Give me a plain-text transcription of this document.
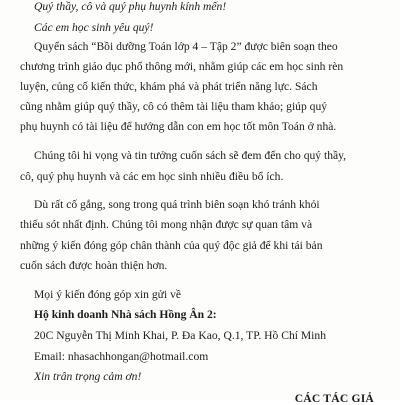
Quý thầy, cô và quý phụ huynh kính mến!
Các em học sinh yêu quý!
Quyển sách “Bồi dưỡng Toán lớp 4 – Tập 2” được biên soạn theo
chương trình giáo dục phổ thông mới, nhằm giúp các em học sinh rèn
luyện, củng cố kiến thức, khám phá và phát triển năng lực. Sách
cũng nhằm giúp quý thầy, cô có thêm tài liệu tham khảo; giúp quý
phụ huynh có tài liệu để hướng dẫn con em học tốt môn Toán ở nhà.
Chúng tôi hi vọng và tin tưởng cuốn sách sẽ đem đến cho quý thầy,
cô, quý phụ huynh và các em học sinh nhiều điều bổ ích.
Dù rất cố gắng, song trong quá trình biên soạn khó tránh khỏi
thiếu sót nhất định. Chúng tôi mong nhận được sự quan tâm và
những ý kiến đóng góp chân thành của quý độc giả để khi tái bản
cuốn sách được hoàn thiện hơn.
Mọi ý kiến đóng góp xin gửi về
Hộ kinh doanh Nhà sách Hồng Ân 2:
20C Nguyễn Thị Minh Khai, P. Đa Kao, Q.1, TP. Hồ Chí Minh
Email: nhasachhongan@hotmail.com
Xin trân trọng cảm ơn!
CÁC TÁC GIẢ
